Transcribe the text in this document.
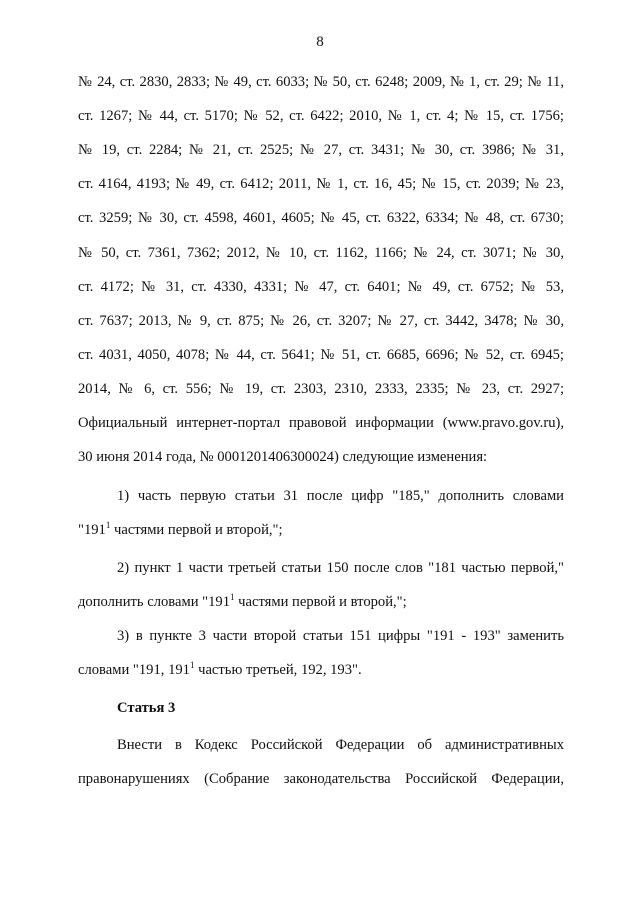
8
№ 24, ст. 2830, 2833; № 49, ст. 6033; № 50, ст. 6248; 2009, № 1, ст. 29; № 11,
ст. 1267; № 44, ст. 5170; № 52, ст. 6422; 2010, № 1, ст. 4; № 15, ст. 1756;
№ 19, ст. 2284; № 21, ст. 2525; № 27, ст. 3431; № 30, ст. 3986; № 31,
ст. 4164, 4193; № 49, ст. 6412; 2011, № 1, ст. 16, 45; № 15, ст. 2039; № 23,
ст. 3259; № 30, ст. 4598, 4601, 4605; № 45, ст. 6322, 6334; № 48, ст. 6730;
№ 50, ст. 7361, 7362; 2012, № 10, ст. 1162, 1166; № 24, ст. 3071; № 30,
ст. 4172; № 31, ст. 4330, 4331; № 47, ст. 6401; № 49, ст. 6752; № 53,
ст. 7637; 2013, № 9, ст. 875; № 26, ст. 3207; № 27, ст. 3442, 3478; № 30,
ст. 4031, 4050, 4078; № 44, ст. 5641; № 51, ст. 6685, 6696; № 52, ст. 6945;
2014, № 6, ст. 556; № 19, ст. 2303, 2310, 2333, 2335; № 23, ст. 2927;
Официальный интернет-портал правовой информации (www.pravo.gov.ru),
30 июня 2014 года, № 0001201406300024) следующие изменения:
1) часть первую статьи 31 после цифр "185," дополнить словами
"$191^1$ частями первой и второй,";
2) пункт 1 части третьей статьи 150 после слов "181 частью первой,"
дополнить словами "$191^1$ частями первой и второй,";
3) в пункте 3 части второй статьи 151 цифры "191 - 193" заменить
словами "191, $191^1$ частью третьей, 192, 193".
Статья 3
Внести в Кодекс Российской Федерации об административных
правонарушениях (Собрание законодательства Российской Федерации,
